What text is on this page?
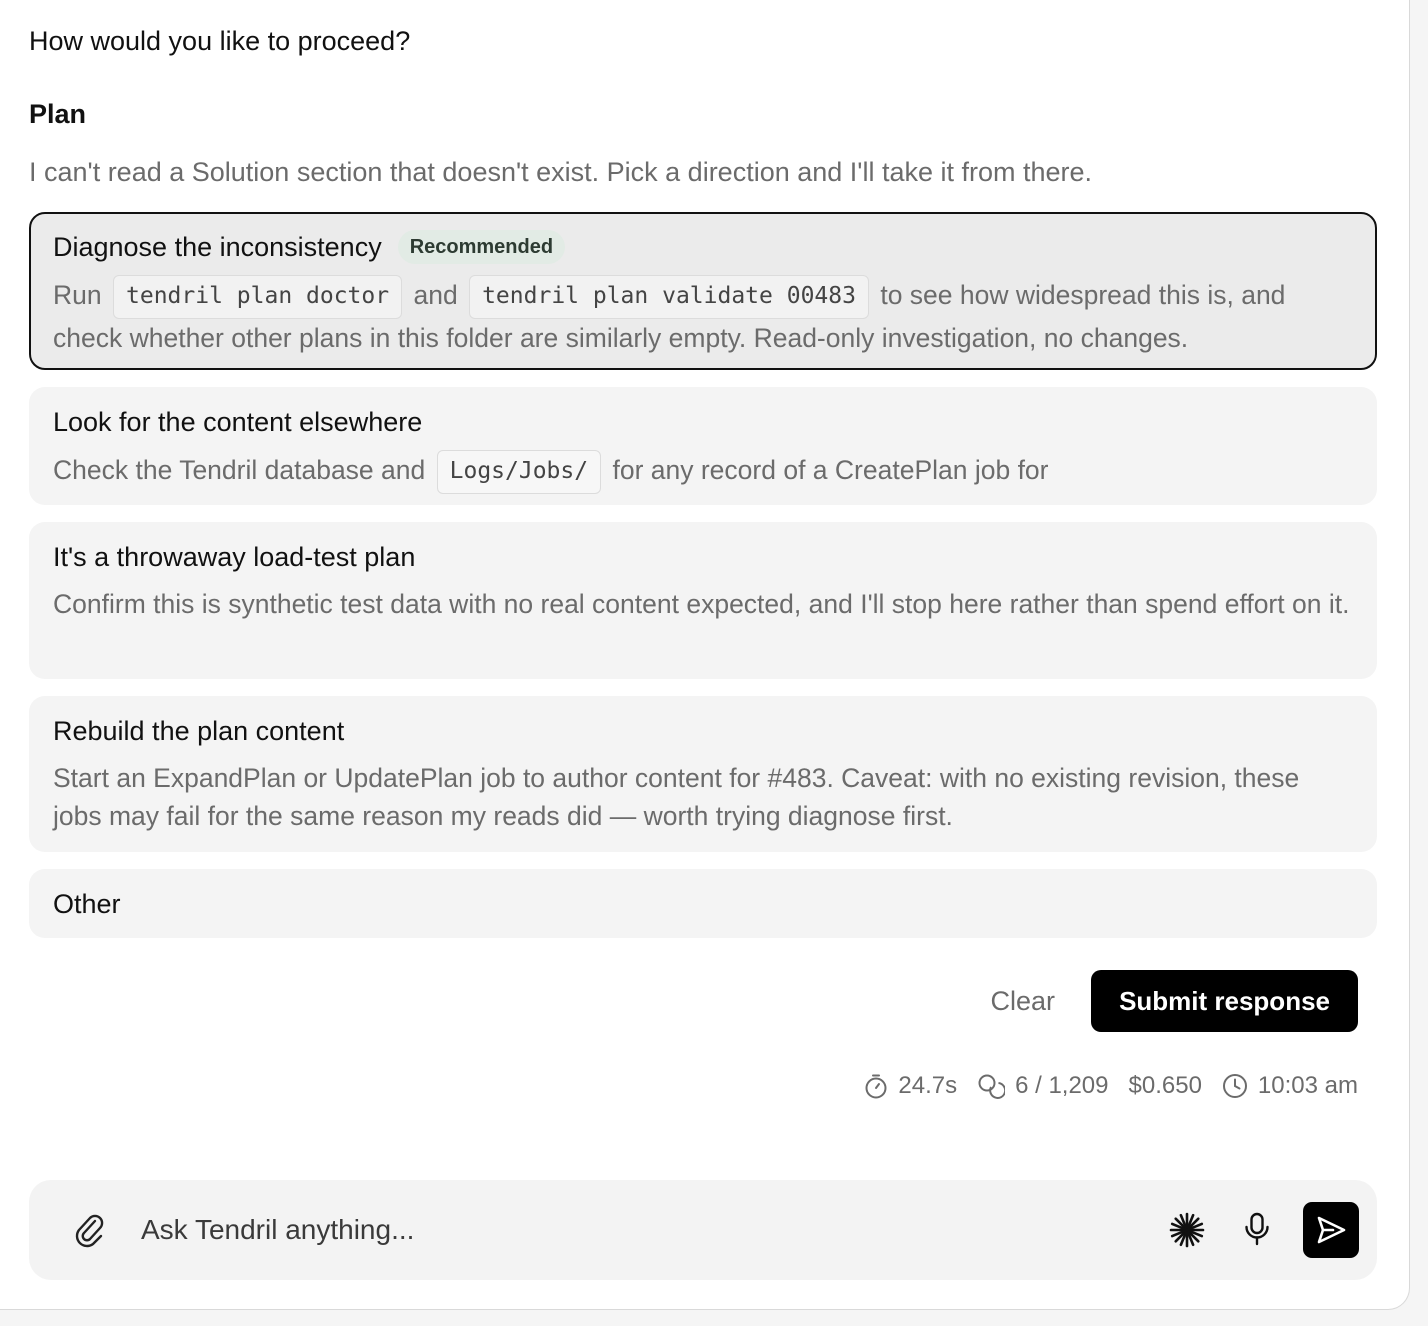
How would you like to proceed?
Plan
I can't read a Solution section that doesn't exist. Pick a direction and I'll take it from there.
Diagnose the inconsistency	Recommended
Run tendril plan doctor and tendril plan validate 00483 to see how widespread this is, and check whether other plans in this folder are similarly empty. Read-only investigation, no changes.
Look for the content elsewhere
Check the Tendril database and Logs/Jobs/ for any record of a CreatePlan job for
It's a throwaway load-test plan
Confirm this is synthetic test data with no real content expected, and I'll stop here rather than spend effort on it.
Rebuild the plan content
Start an ExpandPlan or UpdatePlan job to author content for #483. Caveat: with no existing revision, these jobs may fail for the same reason my reads did — worth trying diagnose first.
Other
Clear	Submit response
24.7s 6 / 1,209 $0.650 10:03 am
Ask Tendril anything...
